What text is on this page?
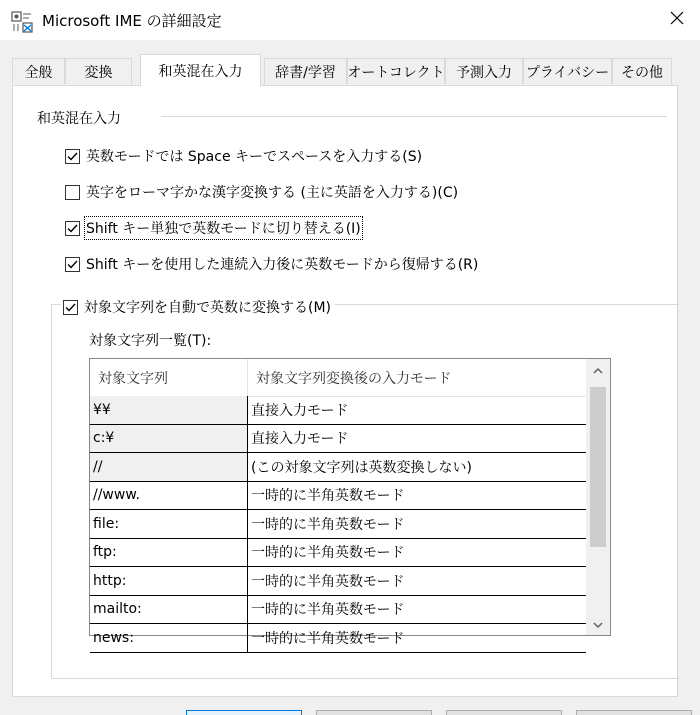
Microsoft IME の詳細設定
全般 変換	和英混在入力 辞書/学習 オートコレクト 予測入力 プライバシー その他
和英混在入力
英数モードでは Space キーでスペースを入力する(S)
英字をローマ字かな漢字変換する (主に英語を入力する)(C)
Shift キー単独で英数モードに切り替える(I)
Shift キーを使用した連続入力後に英数モードから復帰する(R)
対象文字列を自動で英数に変換する(M)
対象文字列一覧(T):
対象文字列	対象文字列変換後の入力モード
¥¥	直接入力モード
c:¥	直接入力モード
//	(この対象文字列は英数変換しない)
//www.	一時的に半角英数モード
file:	一時的に半角英数モード
ftp:	一時的に半角英数モード
http:	一時的に半角英数モード
mailto:	一時的に半角英数モード
news:	一時的に半角英数モード
